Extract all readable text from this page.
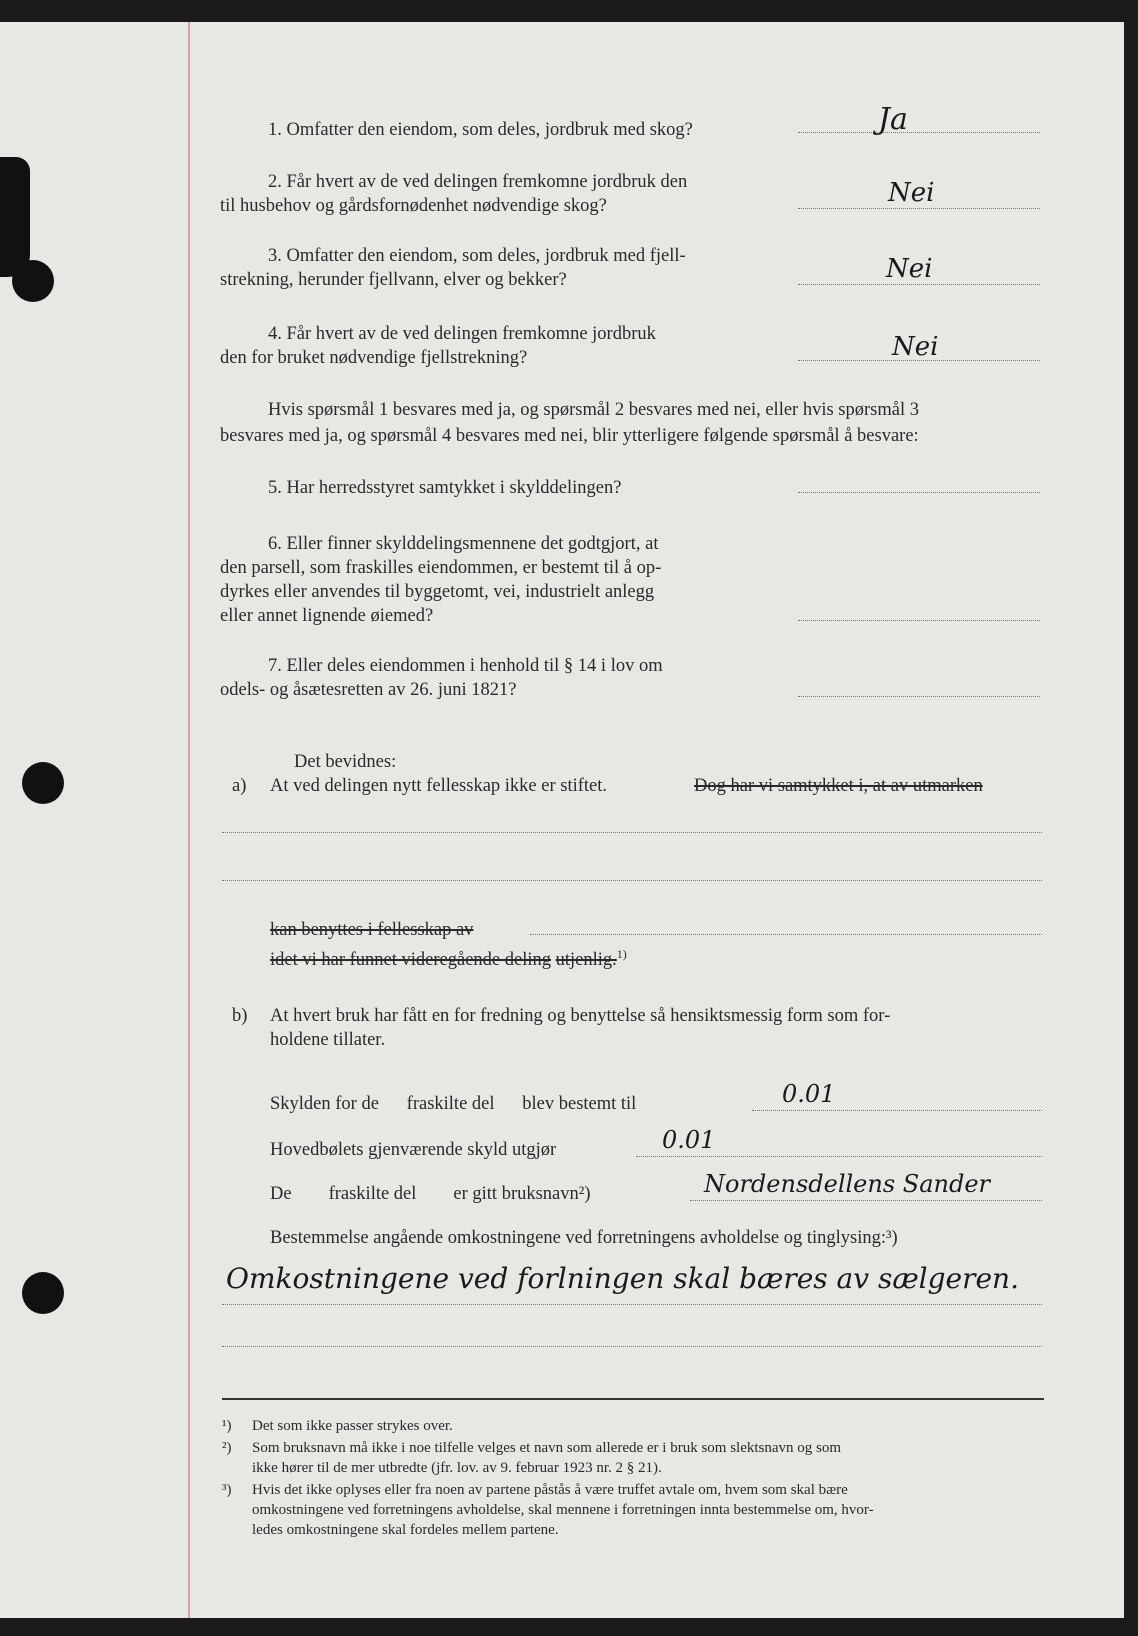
1. Omfatter den eiendom, som deles, jordbruk med skog?	Ja
2. Får hvert av de ved delingen fremkomne jordbruk den
til husbehov og gårdsfornødenhet nødvendige skog?	Nei
3. Omfatter den eiendom, som deles, jordbruk med fjell-
strekning, herunder fjellvann, elver og bekker?	Nei
4. Får hvert av de ved delingen fremkomne jordbruk
den for bruket nødvendige fjellstrekning?	Nei
Hvis spørsmål 1 besvares med ja, og spørsmål 2 besvares med nei, eller hvis spørsmål 3
besvares med ja, og spørsmål 4 besvares med nei, blir ytterligere følgende spørsmål å besvare:
5. Har herredsstyret samtykket i skylddelingen?
6. Eller finner skylddelingsmennene det godtgjort, at
den parsell, som fraskilles eiendommen, er bestemt til å op-
dyrkes eller anvendes til byggetomt, vei, industrielt anlegg
eller annet lignende øiemed?
7. Eller deles eiendommen i henhold til § 14 i lov om
odels- og åsætesretten av 26. juni 1821?
Det bevidnes:
a) At ved delingen nytt fellesskap ikke er stiftet.	Dog har vi samtykket i, at av utmarken
kan benyttes i fellesskap av
idet vi har funnet videregående deling utjenlig.$^{1)}$
b) At hvert bruk har fått en for fredning og benyttelse så hensiktsmessig form som for-
holdene tillater.
Skylden for de      fraskilte del      blev bestemt til	0.01
Hovedbølets gjenværende skyld utgjør	0.01
De        fraskilte del        er gitt bruksnavn²)	Nordensdellens Sander
Bestemmelse angående omkostningene ved forretningens avholdelse og tinglysing:³)
Omkostningene ved forlningen skal bæres av sælgeren.
¹) Det som ikke passer strykes over.
²) Som bruksnavn må ikke i noe tilfelle velges et navn som allerede er i bruk som slektsnavn og som
ikke hører til de mer utbredte (jfr. lov. av 9. februar 1923 nr. 2 § 21).
³) Hvis det ikke oplyses eller fra noen av partene påstås å være truffet avtale om, hvem som skal bære
omkostningene ved forretningens avholdelse, skal mennene i forretningen innta bestemmelse om, hvor-
ledes omkostningene skal fordeles mellem partene.
